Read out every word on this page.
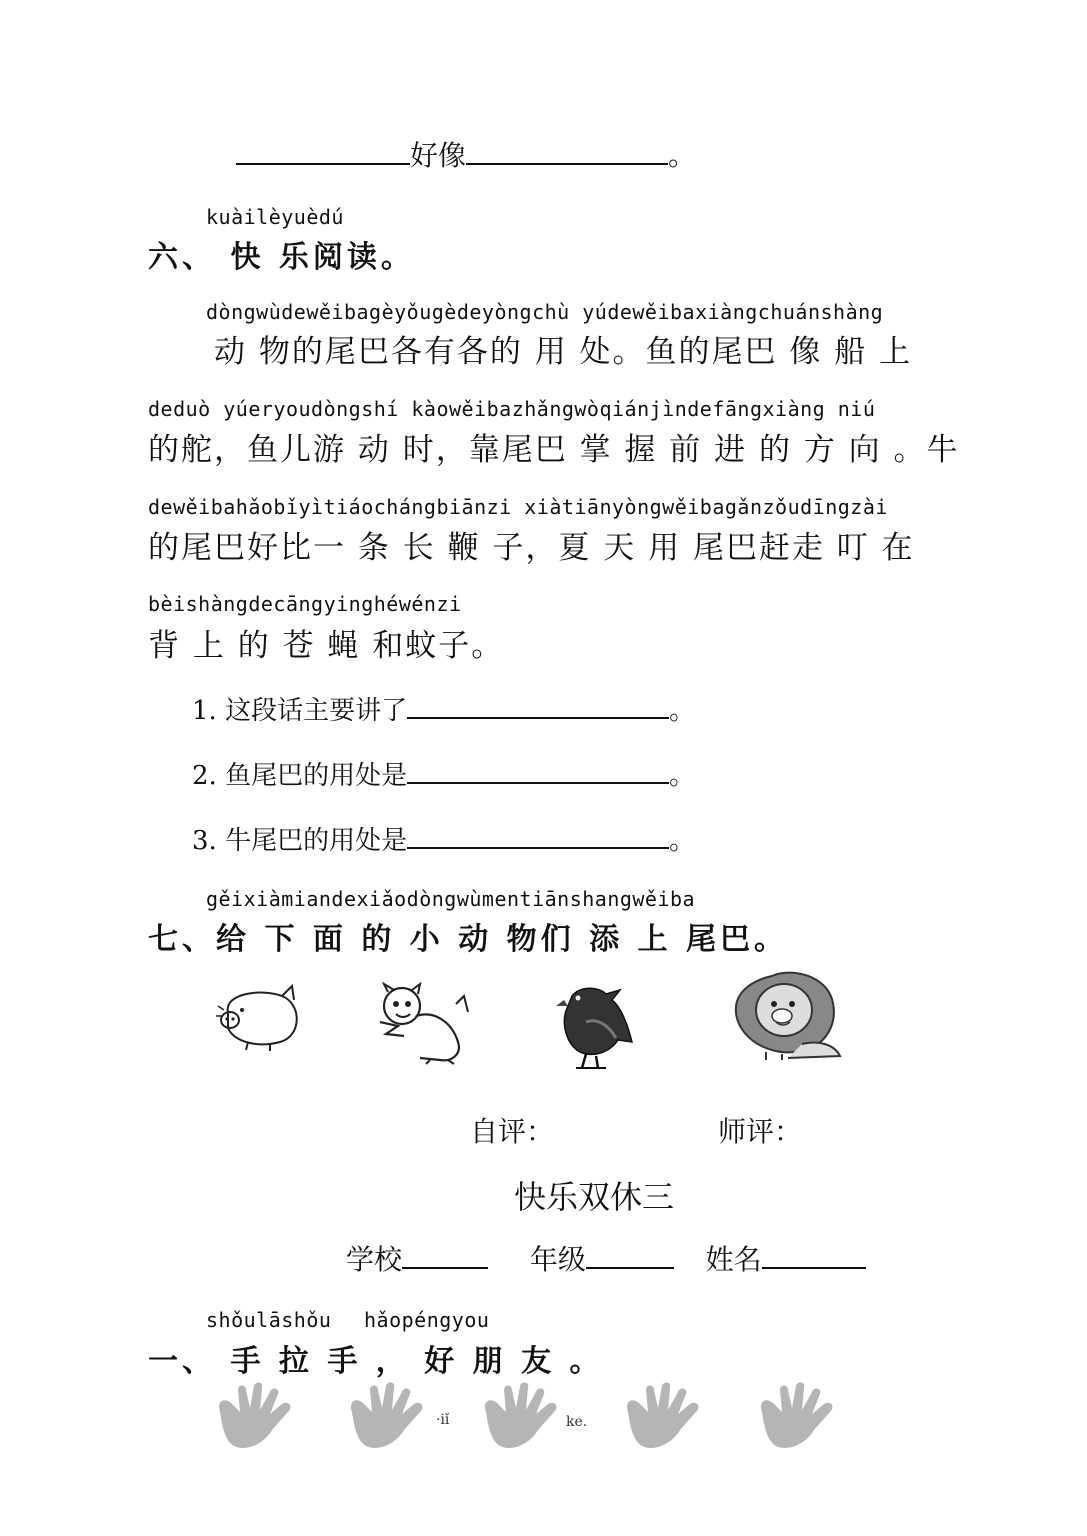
好像	。
kuàilèyuèdú
六、 快 乐阅读。
dòngwùdewěibagèyǒugèdeyòngchù yúdewěibaxiàngchuánshàng
动 物的尾巴各有各的 用 处。鱼的尾巴 像 船 上
deduò yúeryoudòngshí kàowěibazhǎngwòqiánjìndefāngxiàng niú
的舵，鱼儿游 动 时，靠尾巴 掌 握 前 进 的 方 向 。牛
dewěibahǎobǐyìtiáochángbiānzi xiàtiānyòngwěibagǎnzǒudīngzài
的尾巴好比一 条 长 鞭 子，夏 天 用 尾巴赶走 叮 在
bèishàngdecāngyinghéwénzi
背 上 的 苍 蝇 和蚊子。
1. 这段话主要讲了	。
2. 鱼尾巴的用处是	。
3. 牛尾巴的用处是	。
gěixiàmiandexiǎodòngwùmentiānshangwěiba
七、给 下 面 的 小 动 物们 添 上 尾巴。
自评：	师评：
快乐双休三
学校	年级	姓名
shǒulāshǒu hǎopéngyou
一、 手 拉 手 ， 好 朋 友 。
·iǐ	ke.
